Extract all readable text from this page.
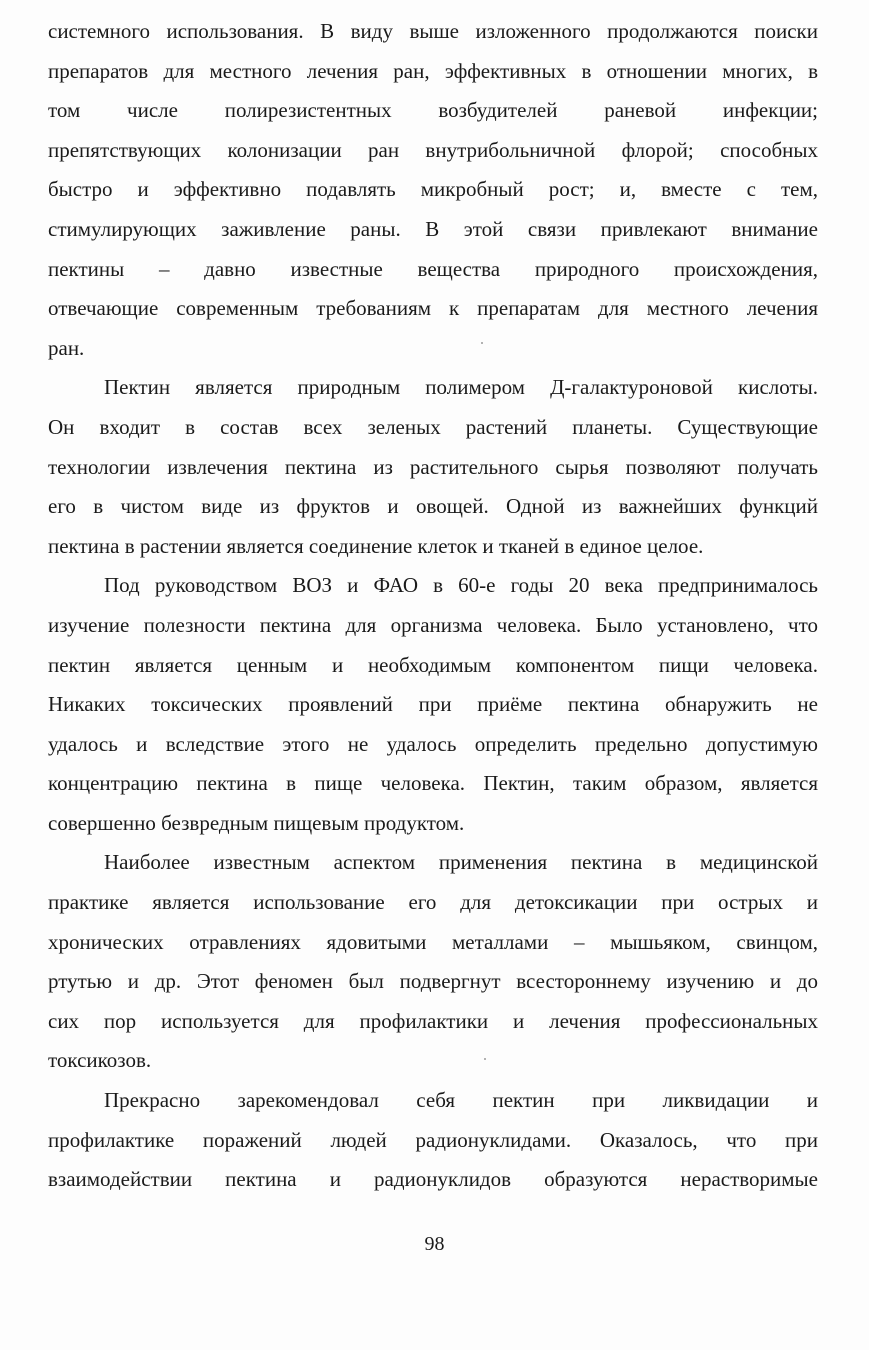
системного использования. В виду выше изложенного продолжаются поиски
препаратов для местного лечения ран, эффективных в отношении многих, в
том числе полирезистентных возбудителей раневой инфекции;
препятствующих колонизации ран внутрибольничной флорой; способных
быстро и эффективно подавлять микробный рост; и, вместе с тем,
стимулирующих заживление раны. В этой связи привлекают внимание
пектины – давно известные вещества природного происхождения,
отвечающие современным требованиям к препаратам для местного лечения
ран.
Пектин является природным полимером Д-галактуроновой кислоты.
Он входит в состав всех зеленых растений планеты. Существующие
технологии извлечения пектина из растительного сырья позволяют получать
его в чистом виде из фруктов и овощей. Одной из важнейших функций
пектина в растении является соединение клеток и тканей в единое целое.
Под руководством ВОЗ и ФАО в 60-е годы 20 века предпринималось
изучение полезности пектина для организма человека. Было установлено, что
пектин является ценным и необходимым компонентом пищи человека.
Никаких токсических проявлений при приёме пектина обнаружить не
удалось и вследствие этого не удалось определить предельно допустимую
концентрацию пектина в пище человека. Пектин, таким образом, является
совершенно безвредным пищевым продуктом.
Наиболее известным аспектом применения пектина в медицинской
практике является использование его для детоксикации при острых и
хронических отравлениях ядовитыми металлами – мышьяком, свинцом,
ртутью и др. Этот феномен был подвергнут всестороннему изучению и до
сих пор используется для профилактики и лечения профессиональных
токсикозов.
Прекрасно зарекомендовал себя пектин при ликвидации и
профилактике поражений людей радионуклидами. Оказалось, что при
взаимодействии пектина и радионуклидов образуются нерастворимые
98
